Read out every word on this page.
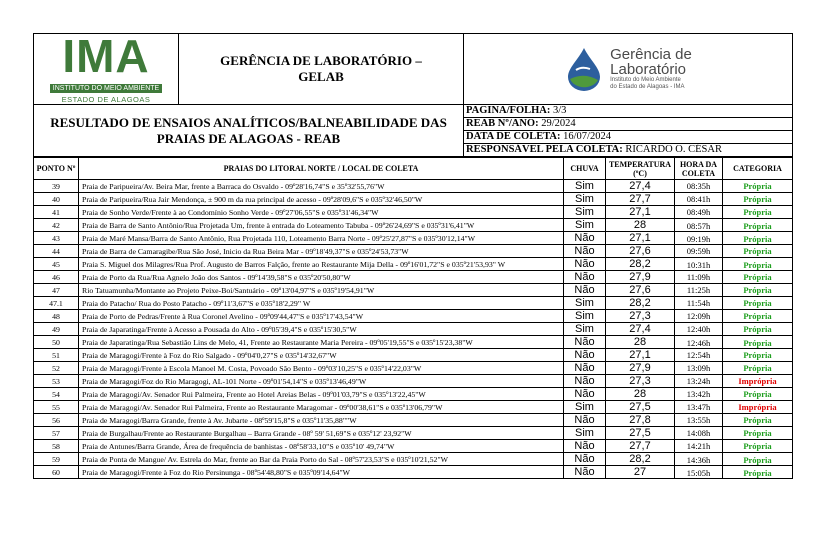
IMA
INSTITUTO DO MEIO AMBIENTE
ESTADO DE ALAGOAS

GERÊNCIA DE LABORATÓRIO –
GELAB

Gerência de
Laboratório
Instituto do Meio Ambiente
do Estado de Alagoas - IMA

RESULTADO DE ENSAIOS ANALÍTICOS/BALNEABILIDADE DAS
PRAIAS DE ALAGOAS - REAB

PAGINA/FOLHA: 3/3
REAB Nº/ANO: 29/2024
DATA DE COLETA: 16/07/2024
RESPONSÁVEL PELA COLETA: RICARDO O. CÉSAR
PONTO Nº	PRAIAS DO LITORAL NORTE / LOCAL DE COLETA	CHUVA	TEMPERATURA (ºC)	HORA DA COLETA	CATEGORIA
39	Praia de Paripueira/Av. Beira Mar, frente a Barraca do Osvaldo - 09º28'16,74"S e 35º32'55,76"W	Sim	27,4	08:35h	Própria
40	Praia de Paripueira/Rua Jair Mendonça, ± 900 m da rua principal de acesso - 09º28'09,6"S e 035º32'46,50"W	Sim	27,7	08:41h	Própria
41	Praia de Sonho Verde/Frente à ao Condomínio Sonho Verde - 09º27'06,55"S e 035º31'46,34"W	Sim	27,1	08:49h	Própria
42	Praia de Barra de Santo Antônio/Rua Projetada Um, frente à entrada do Loteamento Tabuba - 09º26'24,69"S e 035º31'6,41"W	Sim	28	08:57h	Própria
43	Praia de Maré Mansa/Barra de Santo Antônio, Rua Projetada 110, Loteamento Barra Norte - 09º25'27,87"S e 035º30'12,14"W	Não	27,1	09:19h	Própria
44	Praia de Barra de Camaragibe/Rua São José, Inicio da Rua Beira Mar - 09º18'49,37"S e 035º24'53,73"W	Não	27,6	09:59h	Própria
45	Praia S. Miguel dos Milagres/Rua Prof. Augusto de Barros Falção, frente ao Restaurante Mija Della - 09º16'01,72"S e 035º21'53,93" W	Não	28,2	10:31h	Própria
46	Praia de Porto da Rua/Rua Agnelo João dos Santos - 09º14'39,58"S e 035º20'50,80"W	Não	27,9	11:09h	Própria
47	Rio Tatuamunha/Montante ao Projeto Peixe-Boi/Santuário - 09º13'04,97"S e 035º19'54,91"W	Não	27,6	11:25h	Própria
47.1	Praia do Patacho/ Rua do Posto Patacho - 09º11'3,67"S e 035º18'2,29" W	Sim	28,2	11:54h	Própria
48	Praia de Porto de Pedras/Frente à Rua Coronel Avelino - 09º09'44,47"S e 035º17'43,54"W	Sim	27,3	12:09h	Própria
49	Praia de Japaratinga/Frente à Acesso a Pousada do Alto - 09º05'39,4"S e 035º15'30,5"W	Sim	27,4	12:40h	Própria
50	Praia de Japaratinga/Rua Sebastião Lins de Melo, 41, Frente ao Restaurante Maria Pereira - 09º05'19,55"S e 035º15'23,38"W	Não	28	12:46h	Própria
51	Praia de Maragogi/Frente à Foz do Rio Salgado - 09º04'0,27"S e 035º14'32,67"W	Não	27,1	12:54h	Própria
52	Praia de Maragogi/Frente à Escola Manoel M. Costa, Povoado São Bento - 09º03'10,25"S e 035º14'22,03"W	Não	27,9	13:09h	Própria
53	Praia de Maragogi/Foz do Rio Maragogi, AL-101 Norte - 09º01'54,14"S e 035º13'46,49"W	Não	27,3	13:24h	Imprópria
54	Praia de Maragogi/Av. Senador Rui Palmeira, Frente ao Hotel Areias Belas - 09º01'03,79"S e 035º13'22,45"W	Não	28	13:42h	Própria
55	Praia de Maragogi/Av. Senador Rui Palmeira, Frente ao Restaurante Maragomar - 09º00'38,61"S e 035º13'06,79"W	Sim	27,5	13:47h	Imprópria
56	Praia de Maragogi/Barra Grande, frente à Av. Jubarte - 08º59'15,8"S e 035º11'35,88""W	Não	27,8	13:55h	Própria
57	Praia de Burgalhau/Frente ao Restaurante Burgalhau – Barra Grande - 08º 59' 51,69"S e 035º12' 23,92"W	Sim	27,5	14:08h	Própria
58	Praia de Antunes/Barra Grande, Área de frequência de banhistas - 08º58'33,10"S e 035º10' 49,74"W	Não	27,7	14:21h	Própria
59	Praia de Ponta de Mangue/ Av. Estrela do Mar, frente ao Bar da Praia Porto do Sal - 08º57'23,53"S e 035º10'21,52"W	Não	28,2	14:36h	Própria
60	Praia de Maragogi/Frente à Foz do Rio Persinunga - 08º54'48,80"S e 035º09'14,64"W	Não	27	15:05h	Própria
